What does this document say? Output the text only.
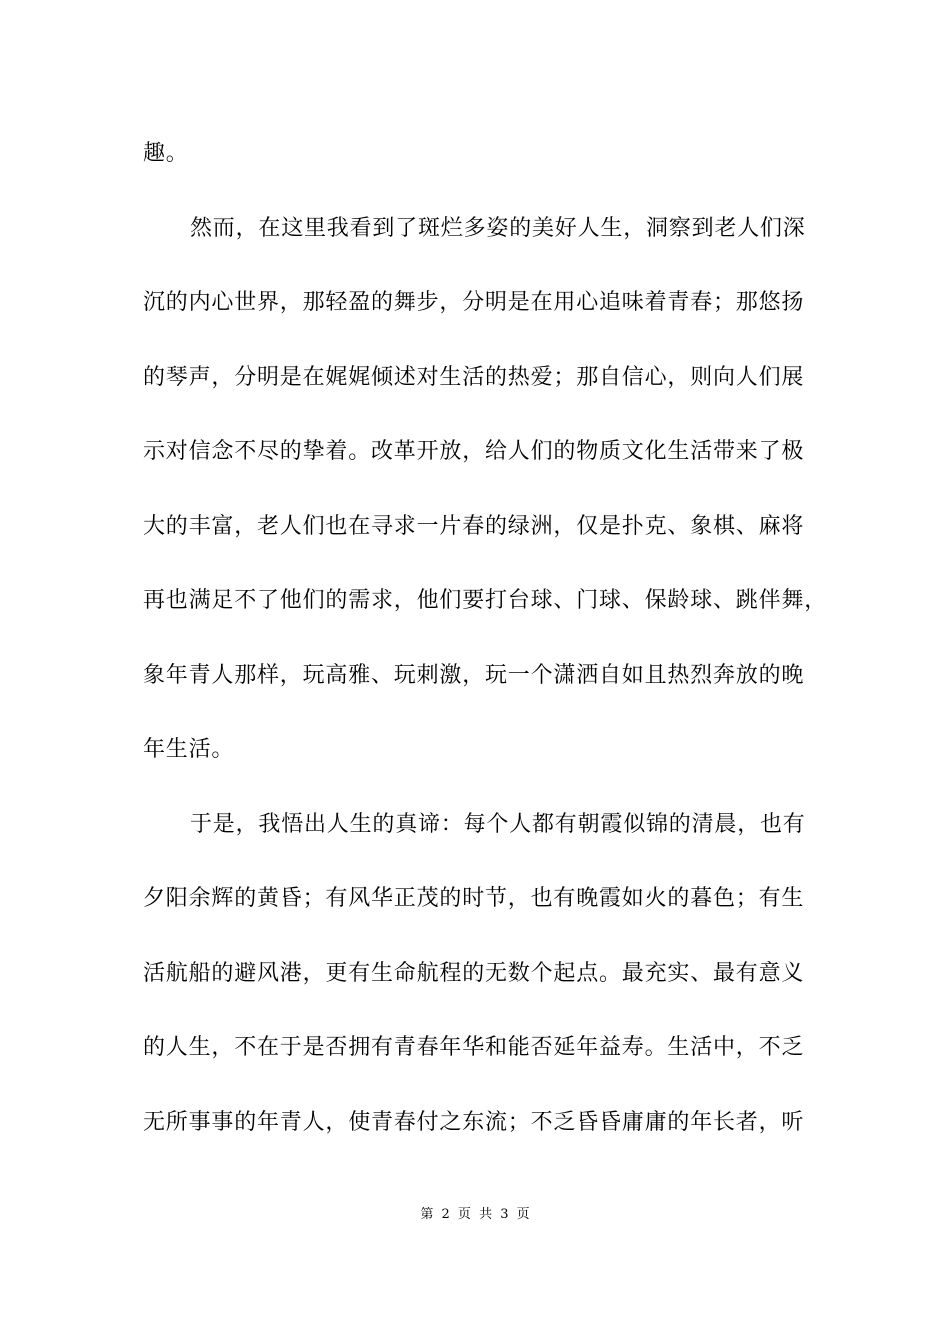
趣。

然而，在这里我看到了斑烂多姿的美好人生，洞察到老人们深

沉的内心世界，那轻盈的舞步，分明是在用心追味着青春；那悠扬

的琴声，分明是在娓娓倾述对生活的热爱；那自信心，则向人们展

示对信念不尽的挚着。改革开放，给人们的物质文化生活带来了极

大的丰富，老人们也在寻求一片春的绿洲，仅是扑克、象棋、麻将

再也满足不了他们的需求，他们要打台球、门球、保龄球、跳伴舞，

象年青人那样，玩高雅、玩刺激，玩一个潇洒自如且热烈奔放的晚

年生活。

于是，我悟出人生的真谛：每个人都有朝霞似锦的清晨，也有

夕阳余辉的黄昏；有风华正茂的时节，也有晚霞如火的暮色；有生

活航船的避风港，更有生命航程的无数个起点。最充实、最有意义

的人生，不在于是否拥有青春年华和能否延年益寿。生活中，不乏

无所事事的年青人，使青春付之东流；不乏昏昏庸庸的年长者，听

第 2 页 共 3 页
